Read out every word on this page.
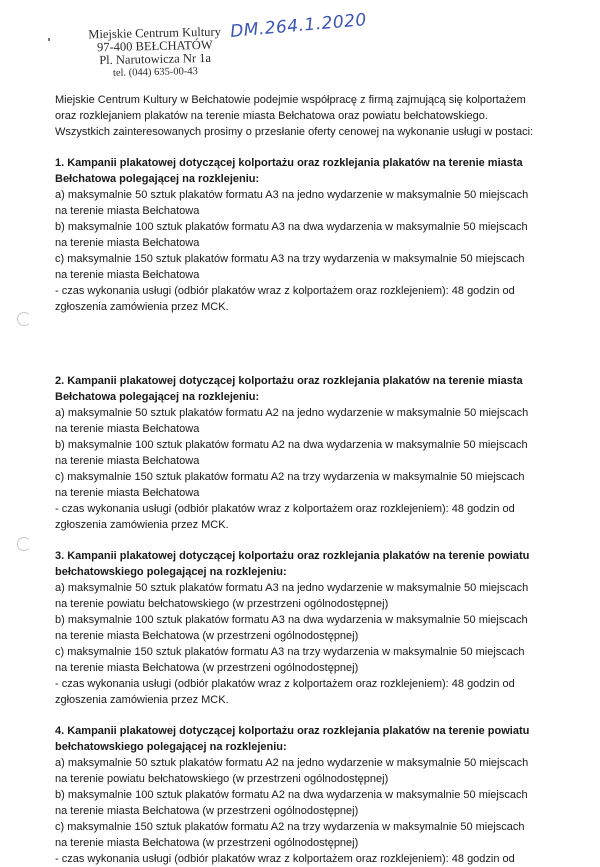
Miejskie Centrum Kultury
97-400 BEŁCHATÓW
Pl. Narutowicza Nr 1a
tel. (044) 635-00-43
DM.264.1.2020
Miejskie Centrum Kultury w Bełchatowie podejmie współpracę z firmą zajmującą się kolportażem
oraz rozklejaniem plakatów na terenie miasta Bełchatowa oraz powiatu bełchatowskiego.
Wszystkich zainteresowanych prosimy o przesłanie oferty cenowej na wykonanie usługi w postaci:
1. Kampanii plakatowej dotyczącej kolportażu oraz rozklejania plakatów na terenie miasta
Bełchatowa polegającej na rozklejeniu:
a) maksymalnie 50 sztuk plakatów formatu A3 na jedno wydarzenie w maksymalnie 50 miejscach
na terenie miasta Bełchatowa
b) maksymalnie 100 sztuk plakatów formatu A3 na dwa wydarzenia w maksymalnie 50 miejscach
na terenie miasta Bełchatowa
c) maksymalnie 150 sztuk plakatów formatu A3 na trzy wydarzenia w maksymalnie 50 miejscach
na terenie miasta Bełchatowa
- czas wykonania usługi (odbiór plakatów wraz z kolportażem oraz rozklejeniem): 48 godzin od
zgłoszenia zamówienia przez MCK.
2. Kampanii plakatowej dotyczącej kolportażu oraz rozklejania plakatów na terenie miasta
Bełchatowa polegającej na rozklejeniu:
a) maksymalnie 50 sztuk plakatów formatu A2 na jedno wydarzenie w maksymalnie 50 miejscach
na terenie miasta Bełchatowa
b) maksymalnie 100 sztuk plakatów formatu A2 na dwa wydarzenia w maksymalnie 50 miejscach
na terenie miasta Bełchatowa
c) maksymalnie 150 sztuk plakatów formatu A2 na trzy wydarzenia w maksymalnie 50 miejscach
na terenie miasta Bełchatowa
- czas wykonania usługi (odbiór plakatów wraz z kolportażem oraz rozklejeniem): 48 godzin od
zgłoszenia zamówienia przez MCK.
3. Kampanii plakatowej dotyczącej kolportażu oraz rozklejania plakatów na terenie powiatu
bełchatowskiego polegającej na rozklejeniu:
a) maksymalnie 50 sztuk plakatów formatu A3 na jedno wydarzenie w maksymalnie 50 miejscach
na terenie powiatu bełchatowskiego (w przestrzeni ogólnodostępnej)
b) maksymalnie 100 sztuk plakatów formatu A3 na dwa wydarzenia w maksymalnie 50 miejscach
na terenie miasta Bełchatowa (w przestrzeni ogólnodostępnej)
c) maksymalnie 150 sztuk plakatów formatu A3 na trzy wydarzenia w maksymalnie 50 miejscach
na terenie miasta Bełchatowa (w przestrzeni ogólnodostępnej)
- czas wykonania usługi (odbiór plakatów wraz z kolportażem oraz rozklejeniem): 48 godzin od
zgłoszenia zamówienia przez MCK.
4. Kampanii plakatowej dotyczącej kolportażu oraz rozklejania plakatów na terenie powiatu
bełchatowskiego polegającej na rozklejeniu:
a) maksymalnie 50 sztuk plakatów formatu A2 na jedno wydarzenie w maksymalnie 50 miejscach
na terenie powiatu bełchatowskiego (w przestrzeni ogólnodostępnej)
b) maksymalnie 100 sztuk plakatów formatu A2 na dwa wydarzenia w maksymalnie 50 miejscach
na terenie miasta Bełchatowa (w przestrzeni ogólnodostępnej)
c) maksymalnie 150 sztuk plakatów formatu A2 na trzy wydarzenia w maksymalnie 50 miejscach
na terenie miasta Bełchatowa (w przestrzeni ogólnodostępnej)
- czas wykonania usługi (odbiór plakatów wraz z kolportażem oraz rozklejeniem): 48 godzin od
